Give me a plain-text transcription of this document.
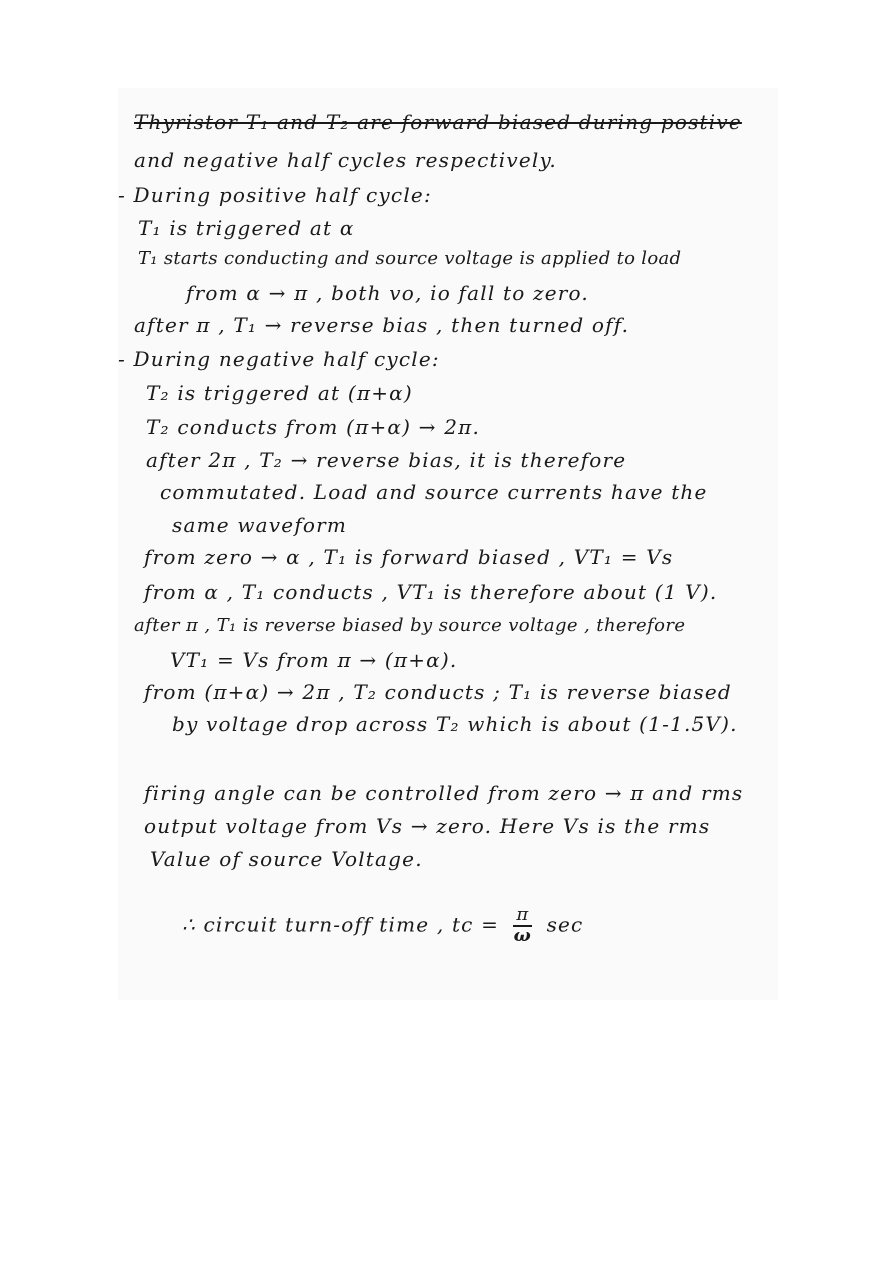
Thyristor T₁ and T₂ are forward biased during postive
and negative half cycles respectively.
- During positive half cycle:
T₁ is triggered at α
T₁ starts conducting and source voltage is applied to load
from α → π , both vo, io fall to zero.
after π , T₁ → reverse bias , then turned off.
- During negative half cycle:
T₂ is triggered at (π+α)
T₂ conducts from (π+α) → 2π.
after 2π , T₂ → reverse bias, it is therefore
commutated. Load and source currents have the
same waveform
from zero → α , T₁ is forward biased , VT₁ = Vs
from α , T₁ conducts , VT₁ is therefore about (1 V).
after π , T₁ is reverse biased by source voltage , therefore
VT₁ = Vs from π → (π+α).
from (π+α) → 2π , T₂ conducts ; T₁ is reverse biased
by voltage drop across T₂ which is about (1-1.5V).
firing angle can be controlled from zero → π and rms
output voltage from Vs → zero. Here Vs is the rms
Value of source Voltage.
∴ circuit turn-off time , tc = $\frac{\pi}{\omega}$ sec
